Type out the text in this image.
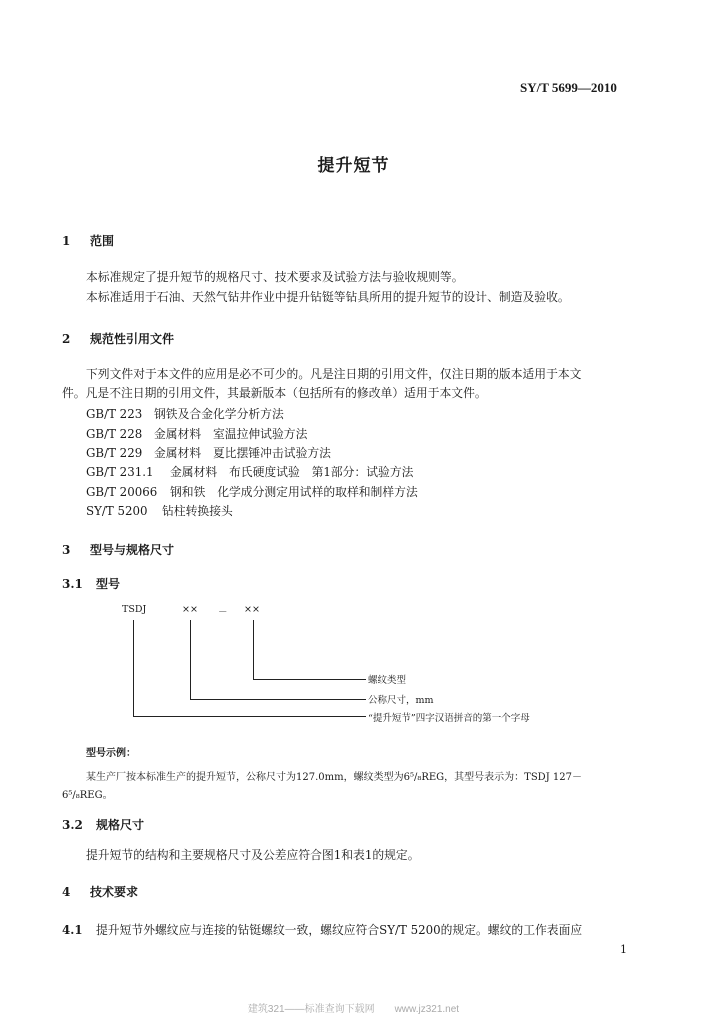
SY/T 5699—2010
提升短节
1 范围
本标准规定了提升短节的规格尺寸、技术要求及试验方法与验收规则等。
本标准适用于石油、天然气钻井作业中提升钻铤等钻具所用的提升短节的设计、制造及验收。
2 规范性引用文件
下列文件对于本文件的应用是必不可少的。凡是注日期的引用文件，仅注日期的版本适用于本文
件。凡是不注日期的引用文件，其最新版本（包括所有的修改单）适用于本文件。
GB/T 223 钢铁及合金化学分析方法
GB/T 228 金属材料　室温拉伸试验方法
GB/T 229 金属材料　夏比摆锤冲击试验方法
GB/T 231.1 金属材料　布氏硬度试验　第1部分：试验方法
GB/T 20066 钢和铁　化学成分测定用试样的取样和制样方法
SY/T 5200 钻柱转换接头
3 型号与规格尺寸
3.1 型号
TSDJ	×× － ××
螺纹类型
公称尺寸，mm
“提升短节”四字汉语拼音的第一个字母
型号示例：
某生产厂按本标准生产的提升短节，公称尺寸为127.0mm，螺纹类型为6⁵/₈REG，其型号表示为：TSDJ 127－
6⁵/₈REG。
3.2 规格尺寸
提升短节的结构和主要规格尺寸及公差应符合图1和表1的规定。
4 技术要求
4.1 提升短节外螺纹应与连接的钻铤螺纹一致，螺纹应符合SY/T 5200的规定。螺纹的工作表面应
1
建筑321——标准查询下载网　　www.jz321.net
